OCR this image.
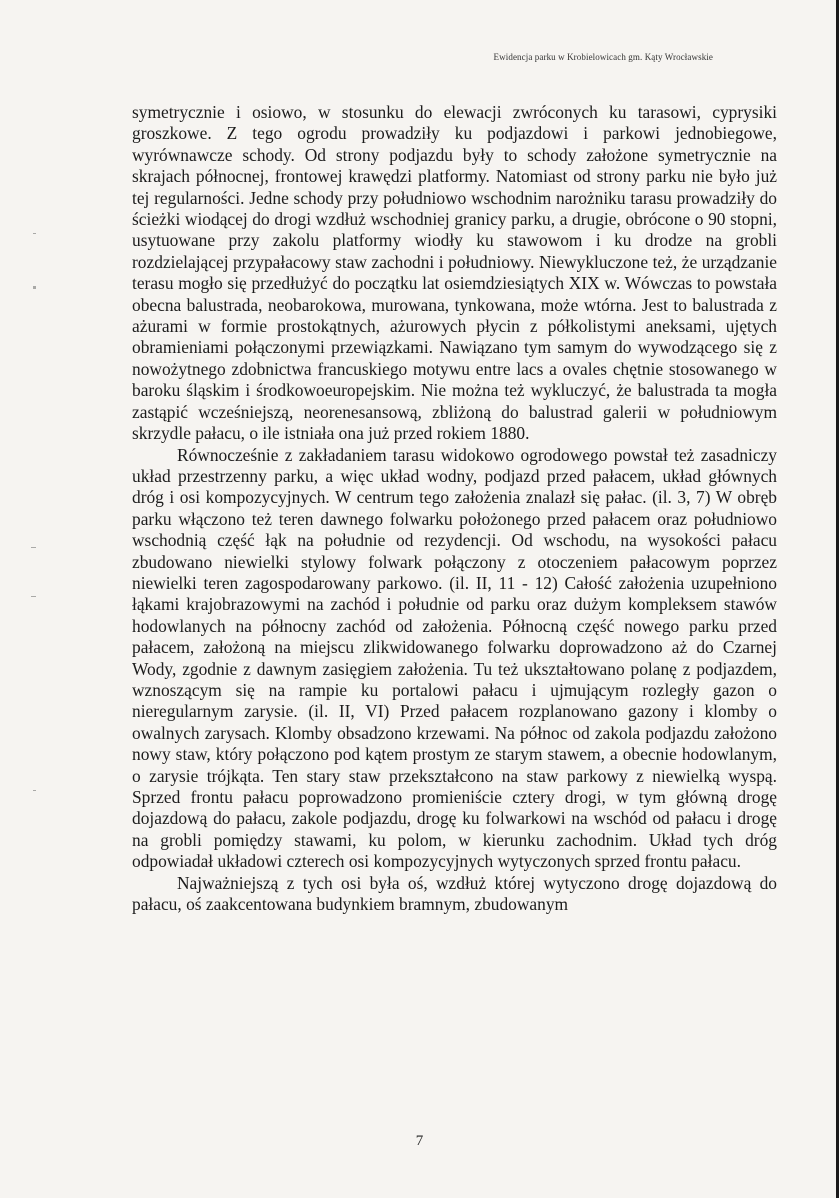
Ewidencja parku w Krobielowicach gm. Kąty Wrocławskie

symetrycznie i osiowo, w stosunku do elewacji zwróconych ku tarasowi, cyprysiki groszkowe. Z tego ogrodu prowadziły ku podjazdowi i parkowi jednobiegowe, wyrównawcze schody. Od strony podjazdu były to schody założone symetrycznie na skrajach północnej, frontowej krawędzi platformy. Natomiast od strony parku nie było już tej regularności. Jedne schody przy południowo wschodnim narożniku tarasu prowadziły do ścieżki wiodącej do drogi wzdłuż wschodniej granicy parku, a drugie, obrócone o 90 stopni, usytuowane przy zakolu platformy wiodły ku stawowom i ku drodze na grobli rozdzielającej przypałacowy staw zachodni i południowy. Niewykluczone też, że urządzanie terasu mogło się przedłużyć do początku lat osiemdziesiątych XIX w. Wówczas to powstała obecna balustrada, neobarokowa, murowana, tynkowana, może wtórna. Jest to balustrada z ażurami w formie prostokątnych, ażurowych płycin z półkolistymi aneksami, ujętych obramieniami połączonymi przewiązkami. Nawiązano tym samym do wywodzącego się z nowożytnego zdobnictwa francuskiego motywu entre lacs a ovales chętnie stosowanego w baroku śląskim i środkowoeuropejskim. Nie można też wykluczyć, że balustrada ta mogła zastąpić wcześniejszą, neorenesansową, zbliżoną do balustrad galerii w południowym skrzydle pałacu, o ile istniała ona już przed rokiem 1880.

Równocześnie z zakładaniem tarasu widokowo ogrodowego powstał też zasadniczy układ przestrzenny parku, a więc układ wodny, podjazd przed pałacem, układ głównych dróg i osi kompozycyjnych. W centrum tego założenia znalazł się pałac. (il. 3, 7) W obręb parku włączono też teren dawnego folwarku położonego przed pałacem oraz południowo wschodnią część łąk na południe od rezydencji. Od wschodu, na wysokości pałacu zbudowano niewielki stylowy folwark połączony z otoczeniem pałacowym poprzez niewielki teren zagospodarowany parkowo. (il. II, 11 - 12) Całość założenia uzupełniono łąkami krajobrazowymi na zachód i południe od parku oraz dużym kompleksem stawów hodowlanych na północny zachód od założenia. Północną część nowego parku przed pałacem, założoną na miejscu zlikwidowanego folwarku doprowadzono aż do Czarnej Wody, zgodnie z dawnym zasięgiem założenia. Tu też ukształtowano polanę z podjazdem, wznoszącym się na rampie ku portalowi pałacu i ujmującym rozległy gazon o nieregularnym zarysie. (il. II, VI) Przed pałacem rozplanowano gazony i klomby o owalnych zarysach. Klomby obsadzono krzewami. Na północ od zakola podjazdu założono nowy staw, który połączono pod kątem prostym ze starym stawem, a obecnie hodowlanym, o zarysie trójkąta. Ten stary staw przekształcono na staw parkowy z niewielką wyspą. Sprzed frontu pałacu poprowadzono promieniście cztery drogi, w tym główną drogę dojazdową do pałacu, zakole podjazdu, drogę ku folwarkowi na wschód od pałacu i drogę na grobli pomiędzy stawami, ku polom, w kierunku zachodnim. Układ tych dróg odpowiadał układowi czterech osi kompozycyjnych wytyczonych sprzed frontu pałacu.

Najważniejszą z tych osi była oś, wzdłuż której wytyczono drogę dojazdową do pałacu, oś zaakcentowana budynkiem bramnym, zbudowanym

7
